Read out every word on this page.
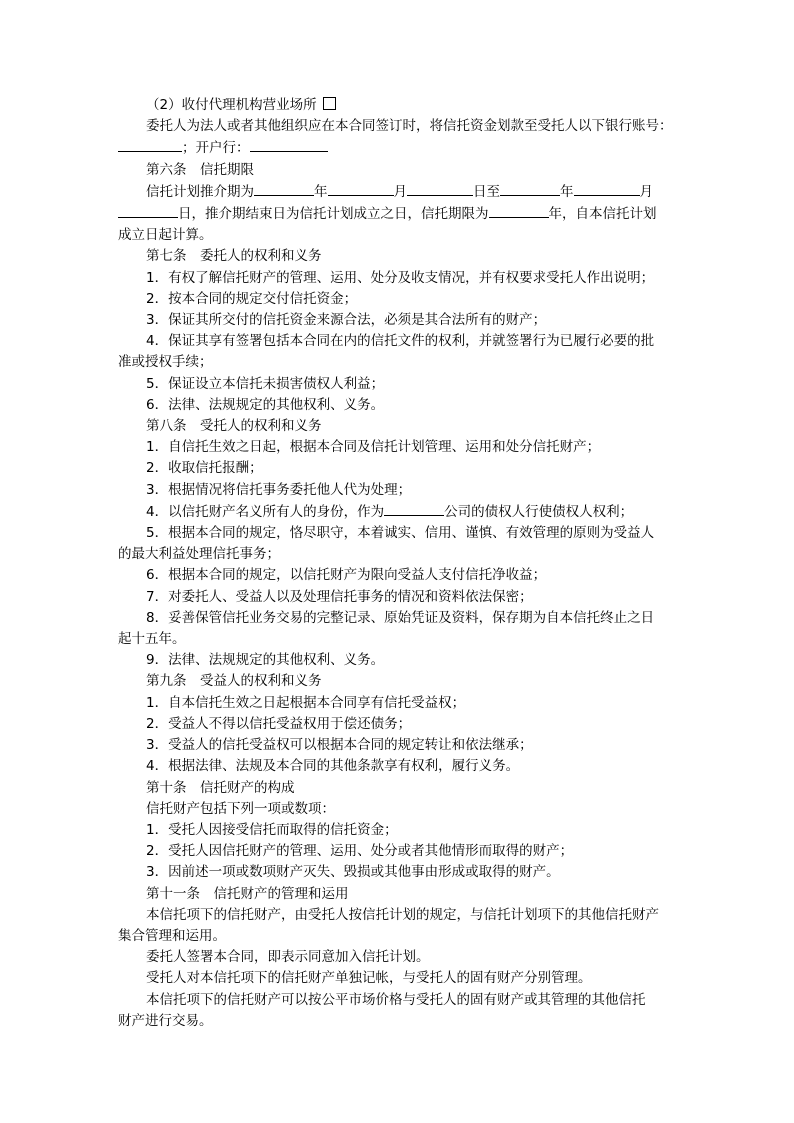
（2）收付代理机构营业场所
委托人为法人或者其他组织应在本合同签订时，将信托资金划款至受托人以下银行账号：
；开户行：
第六条　信托期限
信托计划推介期为	年	月	日至	年	月
日，推介期结束日为信托计划成立之日，信托期限为	年，自本信托计划
成立日起计算。
第七条　委托人的权利和义务
1．有权了解信托财产的管理、运用、处分及收支情况，并有权要求受托人作出说明；
2．按本合同的规定交付信托资金；
3．保证其所交付的信托资金来源合法，必须是其合法所有的财产；
4．保证其享有签署包括本合同在内的信托文件的权利，并就签署行为已履行必要的批
准或授权手续；
5．保证设立本信托未损害债权人利益；
6．法律、法规规定的其他权利、义务。
第八条　受托人的权利和义务
1．自信托生效之日起，根据本合同及信托计划管理、运用和处分信托财产；
2．收取信托报酬；
3．根据情况将信托事务委托他人代为处理；
4．以信托财产名义所有人的身份，作为	公司的债权人行使债权人权利；
5．根据本合同的规定，恪尽职守，本着诚实、信用、谨慎、有效管理的原则为受益人
的最大利益处理信托事务；
6．根据本合同的规定，以信托财产为限向受益人支付信托净收益；
7．对委托人、受益人以及处理信托事务的情况和资料依法保密；
8．妥善保管信托业务交易的完整记录、原始凭证及资料，保存期为自本信托终止之日
起十五年。
9．法律、法规规定的其他权利、义务。
第九条　受益人的权利和义务
1．自本信托生效之日起根据本合同享有信托受益权；
2．受益人不得以信托受益权用于偿还债务；
3．受益人的信托受益权可以根据本合同的规定转让和依法继承；
4．根据法律、法规及本合同的其他条款享有权利，履行义务。
第十条　信托财产的构成
信托财产包括下列一项或数项：
1．受托人因接受信托而取得的信托资金；
2．受托人因信托财产的管理、运用、处分或者其他情形而取得的财产；
3．因前述一项或数项财产灭失、毁损或其他事由形成或取得的财产。
第十一条　信托财产的管理和运用
本信托项下的信托财产，由受托人按信托计划的规定，与信托计划项下的其他信托财产
集合管理和运用。
委托人签署本合同，即表示同意加入信托计划。
受托人对本信托项下的信托财产单独记帐，与受托人的固有财产分别管理。
本信托项下的信托财产可以按公平市场价格与受托人的固有财产或其管理的其他信托
财产进行交易。
